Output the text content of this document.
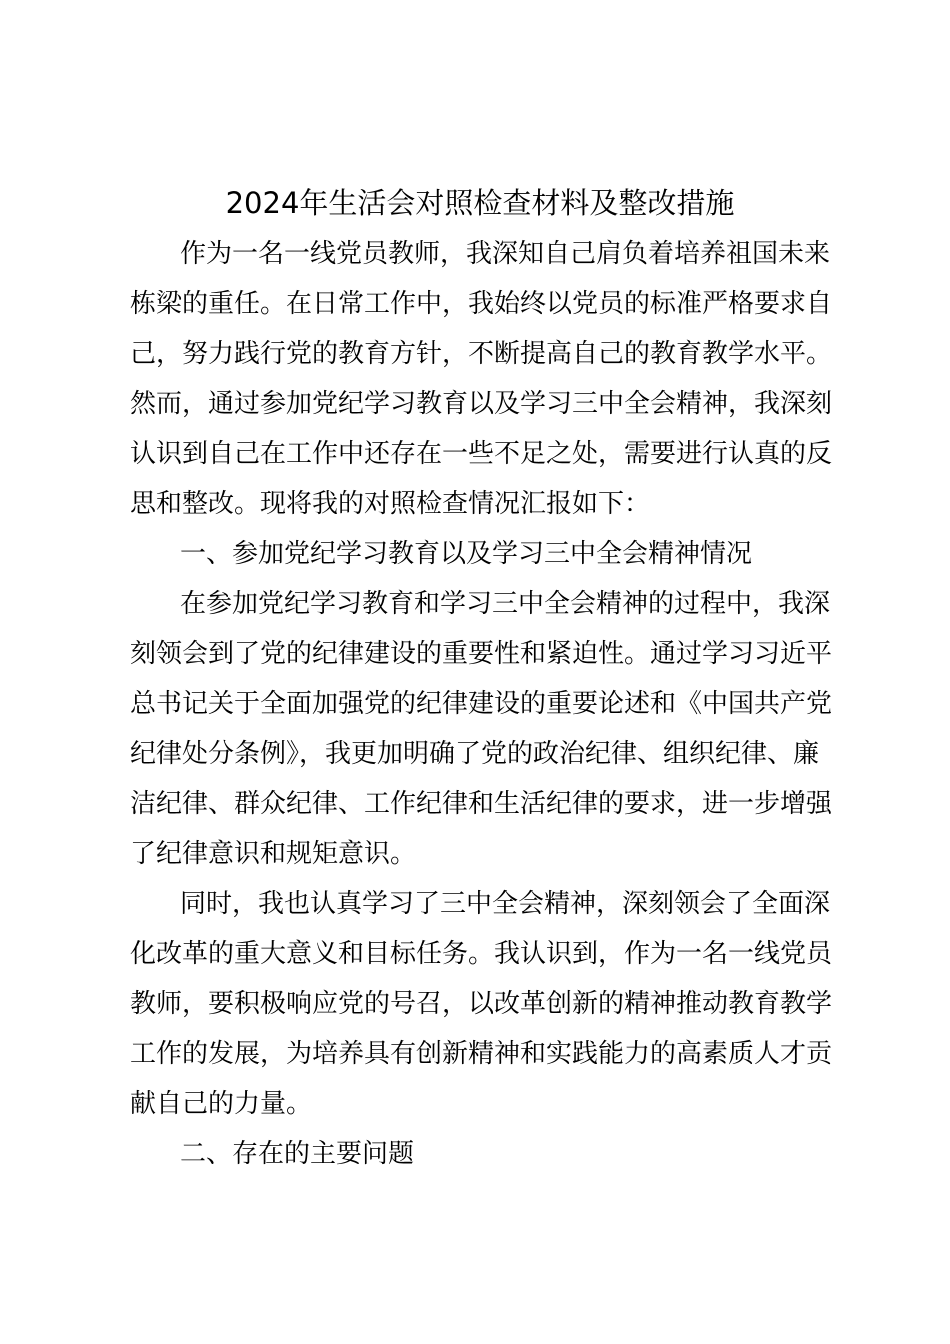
2024年生活会对照检查材料及整改措施
作为一名一线党员教师，我深知自己肩负着培养祖国未来
栋梁的重任。在日常工作中，我始终以党员的标准严格要求自
己，努力践行党的教育方针，不断提高自己的教育教学水平。
然而，通过参加党纪学习教育以及学习三中全会精神，我深刻
认识到自己在工作中还存在一些不足之处，需要进行认真的反
思和整改。现将我的对照检查情况汇报如下：
一、参加党纪学习教育以及学习三中全会精神情况
在参加党纪学习教育和学习三中全会精神的过程中，我深
刻领会到了党的纪律建设的重要性和紧迫性。通过学习习近平
总书记关于全面加强党的纪律建设的重要论述和《中国共产党
纪律处分条例》，我更加明确了党的政治纪律、组织纪律、廉
洁纪律、群众纪律、工作纪律和生活纪律的要求，进一步增强
了纪律意识和规矩意识。
同时，我也认真学习了三中全会精神，深刻领会了全面深
化改革的重大意义和目标任务。我认识到，作为一名一线党员
教师，要积极响应党的号召，以改革创新的精神推动教育教学
工作的发展，为培养具有创新精神和实践能力的高素质人才贡
献自己的力量。
二、存在的主要问题
